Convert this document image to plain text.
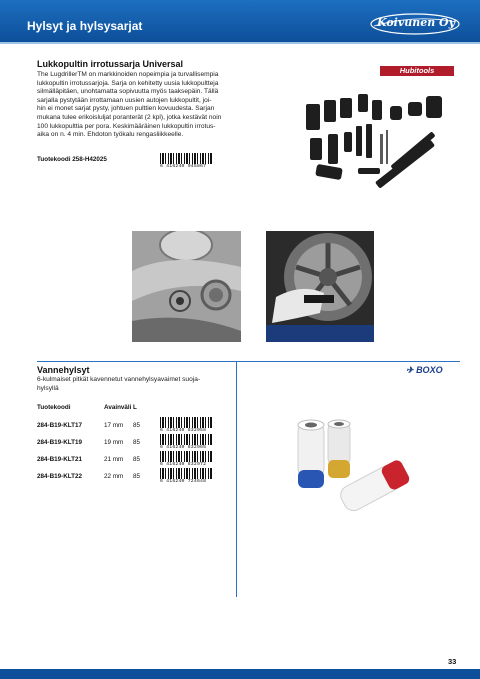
Hylsyt ja hylsysarjat	Koivunen Oy
Lukkopultin irrotussarja Universal
Hubitools
The LugdrillerTM on markkinoiden nopeimpia ja turvallisempia
lukkopultin irrotussarjoja. Sarja on kehitetty uusia lukkopultteja
silmälläpitäen, unohtamatta sopivuutta myös taaksepäin. Tällä
sarjalla pystytään irrottamaan uusien autojen lukkopultit, joi-
hin ei monet sarjat pysty, johtuen pulttien kovuudesta. Sarjan
mukana tulee erikoisluljat poranterät (2 kpl), jotka kestävät noin
100 lukkopulttia per pora. Keskimääräinen lukkopultin irrotus-
aika on n. 4 min. Ehdoton työkalu rengasliikkeelle.
Tuotekoodi 258-H42025
6 416240 945867
Vannehylsyt	✈ BOXO
6-kulmaiset pitkät kavennetut vannehylsyavaimet suoja-
hylsyllä
Tuotekoodi	Avainväli L
284-B19-KLT17	17 mm 85
6 416240 832958
284-B19-KLT19	19 mm 85
6 416240 832965
284-B19-KLT21	21 mm 85
6 416240 832972
284-B19-KLT22	22 mm 85
6 416240 724648
33
